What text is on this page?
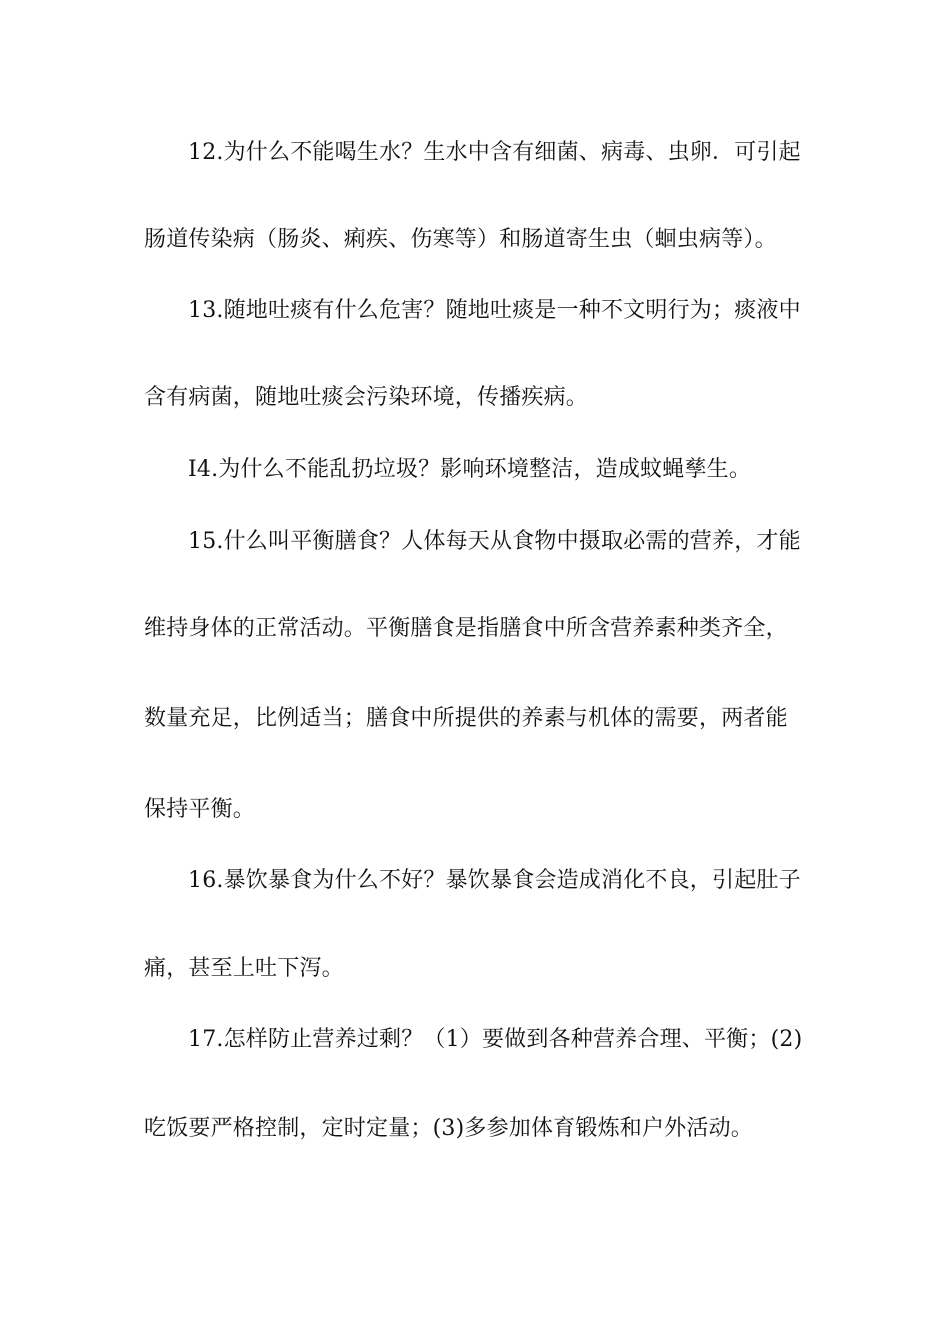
12.为什么不能喝生水？生水中含有细菌、病毒、虫卵．可引起
肠道传染病（肠炎、痢疾、伤寒等）和肠道寄生虫（蛔虫病等）。
13.随地吐痰有什么危害？随地吐痰是一种不文明行为；痰液中
含有病菌，随地吐痰会污染环境，传播疾病。
I4.为什么不能乱扔垃圾？影响环境整洁，造成蚊蝇孳生。
15.什么叫平衡膳食？人体每天从食物中摄取必需的营养，才能
维持身体的正常活动。平衡膳食是指膳食中所含营养素种类齐全，
数量充足，比例适当；膳食中所提供的养素与机体的需要，两者能
保持平衡。
16.暴饮暴食为什么不好？暴饮暴食会造成消化不良，引起肚子
痛，甚至上吐下泻。
17.怎样防止营养过剩？（1）要做到各种营养合理、平衡；(2)
吃饭要严格控制，定时定量；(3)多参加体育锻炼和户外活动。
